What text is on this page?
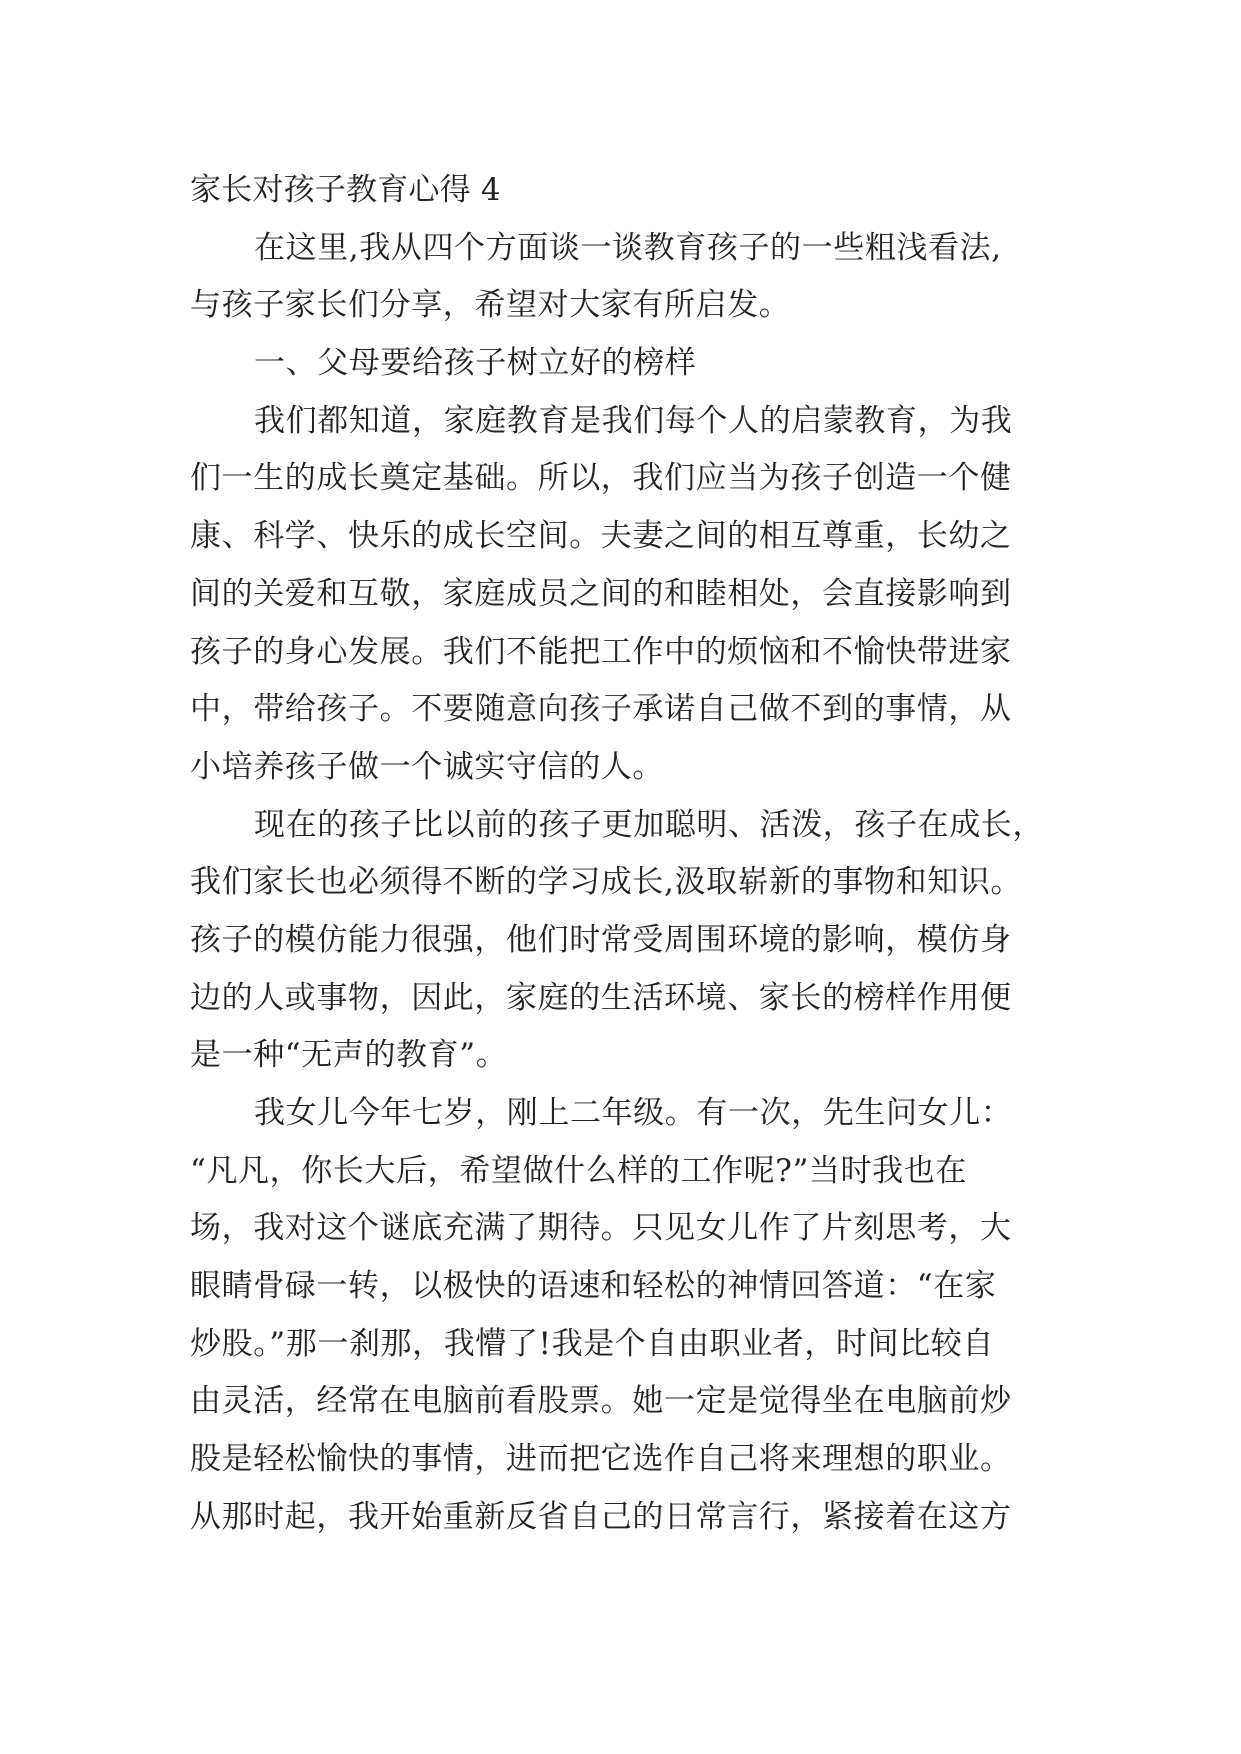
家长对孩子教育心得 4
在这里,我从四个方面谈一谈教育孩子的一些粗浅看法,
与孩子家长们分享，希望对大家有所启发。
一、父母要给孩子树立好的榜样
我们都知道，家庭教育是我们每个人的启蒙教育，为我
们一生的成长奠定基础。所以，我们应当为孩子创造一个健
康、科学、快乐的成长空间。夫妻之间的相互尊重，长幼之
间的关爱和互敬，家庭成员之间的和睦相处，会直接影响到
孩子的身心发展。我们不能把工作中的烦恼和不愉快带进家
中，带给孩子。不要随意向孩子承诺自己做不到的事情，从
小培养孩子做一个诚实守信的人。
现在的孩子比以前的孩子更加聪明、活泼，孩子在成长，
我们家长也必须得不断的学习成长,汲取崭新的事物和知识。
孩子的模仿能力很强，他们时常受周围环境的影响，模仿身
边的人或事物，因此，家庭的生活环境、家长的榜样作用便
是一种“无声的教育”。
我女儿今年七岁，刚上二年级。有一次，先生问女儿：
“凡凡，你长大后，希望做什么样的工作呢?”当时我也在
场，我对这个谜底充满了期待。只见女儿作了片刻思考，大
眼睛骨碌一转，以极快的语速和轻松的神情回答道：“在家
炒股。”那一刹那，我懵了!我是个自由职业者，时间比较自
由灵活，经常在电脑前看股票。她一定是觉得坐在电脑前炒
股是轻松愉快的事情，进而把它选作自己将来理想的职业。
从那时起，我开始重新反省自己的日常言行，紧接着在这方
